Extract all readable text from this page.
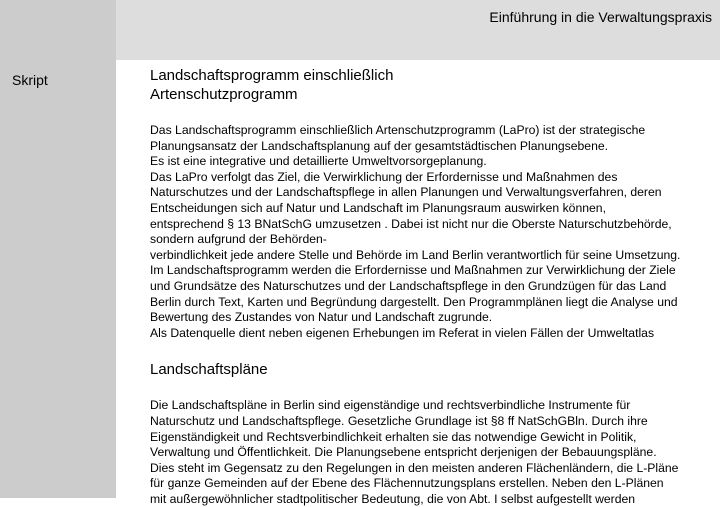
Skript
Einführung in die Verwaltungspraxis
Landschaftsprogramm einschließlich
Artenschutzprogramm
Das Landschaftsprogramm einschließlich Artenschutzprogramm (LaPro) ist der strategische
Planungsansatz der Landschaftsplanung auf der gesamtstädtischen Planungsebene.
Es ist eine integrative und detaillierte Umweltvorsorgeplanung.
Das LaPro verfolgt das Ziel, die Verwirklichung der Erfordernisse und Maßnahmen des
Naturschutzes und der Landschaftspflege in allen Planungen und Verwaltungsverfahren, deren
Entscheidungen sich auf Natur und Landschaft im Planungsraum auswirken können,
entsprechend § 13 BNatSchG umzusetzen . Dabei ist nicht nur die Oberste Naturschutzbehörde,
sondern aufgrund der Behörden-
verbindlichkeit jede andere Stelle und Behörde im Land Berlin verantwortlich für seine Umsetzung.
Im Landschaftsprogramm werden die Erfordernisse und Maßnahmen zur Verwirklichung der Ziele
und Grundsätze des Naturschutzes und der Landschaftspflege in den Grundzügen für das Land
Berlin durch Text, Karten und Begründung dargestellt. Den Programmplänen liegt die Analyse und
Bewertung des Zustandes von Natur und Landschaft zugrunde.
Als Datenquelle dient neben eigenen Erhebungen im Referat in vielen Fällen der Umweltatlas
Landschaftspläne
Die Landschaftspläne in Berlin sind eigenständige und rechtsverbindliche Instrumente für
Naturschutz und Landschaftspflege. Gesetzliche Grundlage ist §8 ff NatSchGBln. Durch ihre
Eigenständigkeit und Rechtsverbindlichkeit erhalten sie das notwendige Gewicht in Politik,
Verwaltung und Öffentlichkeit. Die Planungsebene entspricht derjenigen der Bebauungspläne.
Dies steht im Gegensatz zu den Regelungen in den meisten anderen Flächenländern, die L-Pläne
für ganze Gemeinden auf der Ebene des Flächennutzungsplans erstellen. Neben den L-Plänen
mit außergewöhnlicher stadtpolitischer Bedeutung, die von Abt. I selbst aufgestellt werden
